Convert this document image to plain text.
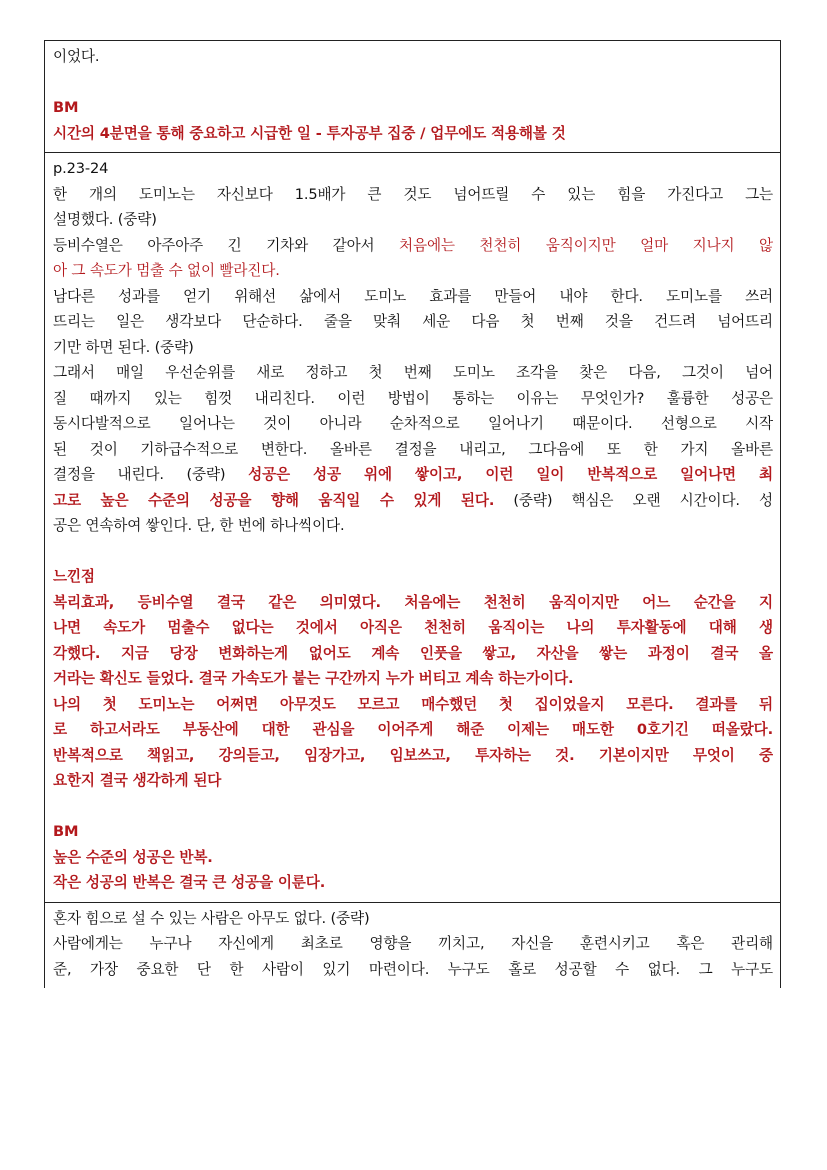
이었다.
BM
시간의 4분면을 통해 중요하고 시급한 일 - 투자공부 집중 / 업무에도 적용해볼 것
p.23-24
한 개의 도미노는 자신보다 1.5배가 큰 것도 넘어뜨릴 수 있는 힘을 가진다고 그는
설명했다. (중략)
등비수열은 아주아주 긴 기차와 같아서 처음에는 천천히 움직이지만 얼마 지나지 않
아 그 속도가 멈출 수 없이 빨라진다.
남다른 성과를 얻기 위해선 삶에서 도미노 효과를 만들어 내야 한다. 도미노를 쓰러
뜨리는 일은 생각보다 단순하다. 줄을 맞춰 세운 다음 첫 번째 것을 건드려 넘어뜨리
기만 하면 된다. (중략)
그래서 매일 우선순위를 새로 정하고 첫 번째 도미노 조각을 찾은 다음, 그것이 넘어
질 때까지 있는 힘껏 내리친다. 이런 방법이 통하는 이유는 무엇인가? 훌륭한 성공은
동시다발적으로 일어나는 것이 아니라 순차적으로 일어나기 때문이다. 선형으로 시작
된 것이 기하급수적으로 변한다. 올바른 결정을 내리고, 그다음에 또 한 가지 올바른
결정을 내린다. (중략) 성공은 성공 위에 쌓이고, 이런 일이 반복적으로 일어나면 최
고로 높은 수준의 성공을 향해 움직일 수 있게 된다. (중략) 핵심은 오랜 시간이다. 성
공은 연속하여 쌓인다. 단, 한 번에 하나씩이다.
느낀점
복리효과, 등비수열 결국 같은 의미였다. 처음에는 천천히 움직이지만 어느 순간을 지
나면 속도가 멈출수 없다는 것에서 아직은 천천히 움직이는 나의 투자활동에 대해 생
각했다. 지금 당장 변화하는게 없어도 계속 인풋을 쌓고, 자산을 쌓는 과정이 결국 올
거라는 확신도 들었다. 결국 가속도가 붙는 구간까지 누가 버티고 계속 하는가이다.
나의 첫 도미노는 어쩌면 아무것도 모르고 매수했던 첫 집이었을지 모른다. 결과를 뒤
로 하고서라도 부동산에 대한 관심을 이어주게 해준 이제는 매도한 0호기긴 떠올랐다.
반복적으로 책읽고, 강의듣고, 임장가고, 임보쓰고, 투자하는 것. 기본이지만 무엇이 중
요한지 결국 생각하게 된다
BM
높은 수준의 성공은 반복.
작은 성공의 반복은 결국 큰 성공을 이룬다.
혼자 힘으로 설 수 있는 사람은 아무도 없다. (중략)
사람에게는 누구나 자신에게 최초로 영향을 끼치고, 자신을 훈련시키고 혹은 관리해
준, 가장 중요한 단 한 사람이 있기 마련이다. 누구도 홀로 성공할 수 없다. 그 누구도
